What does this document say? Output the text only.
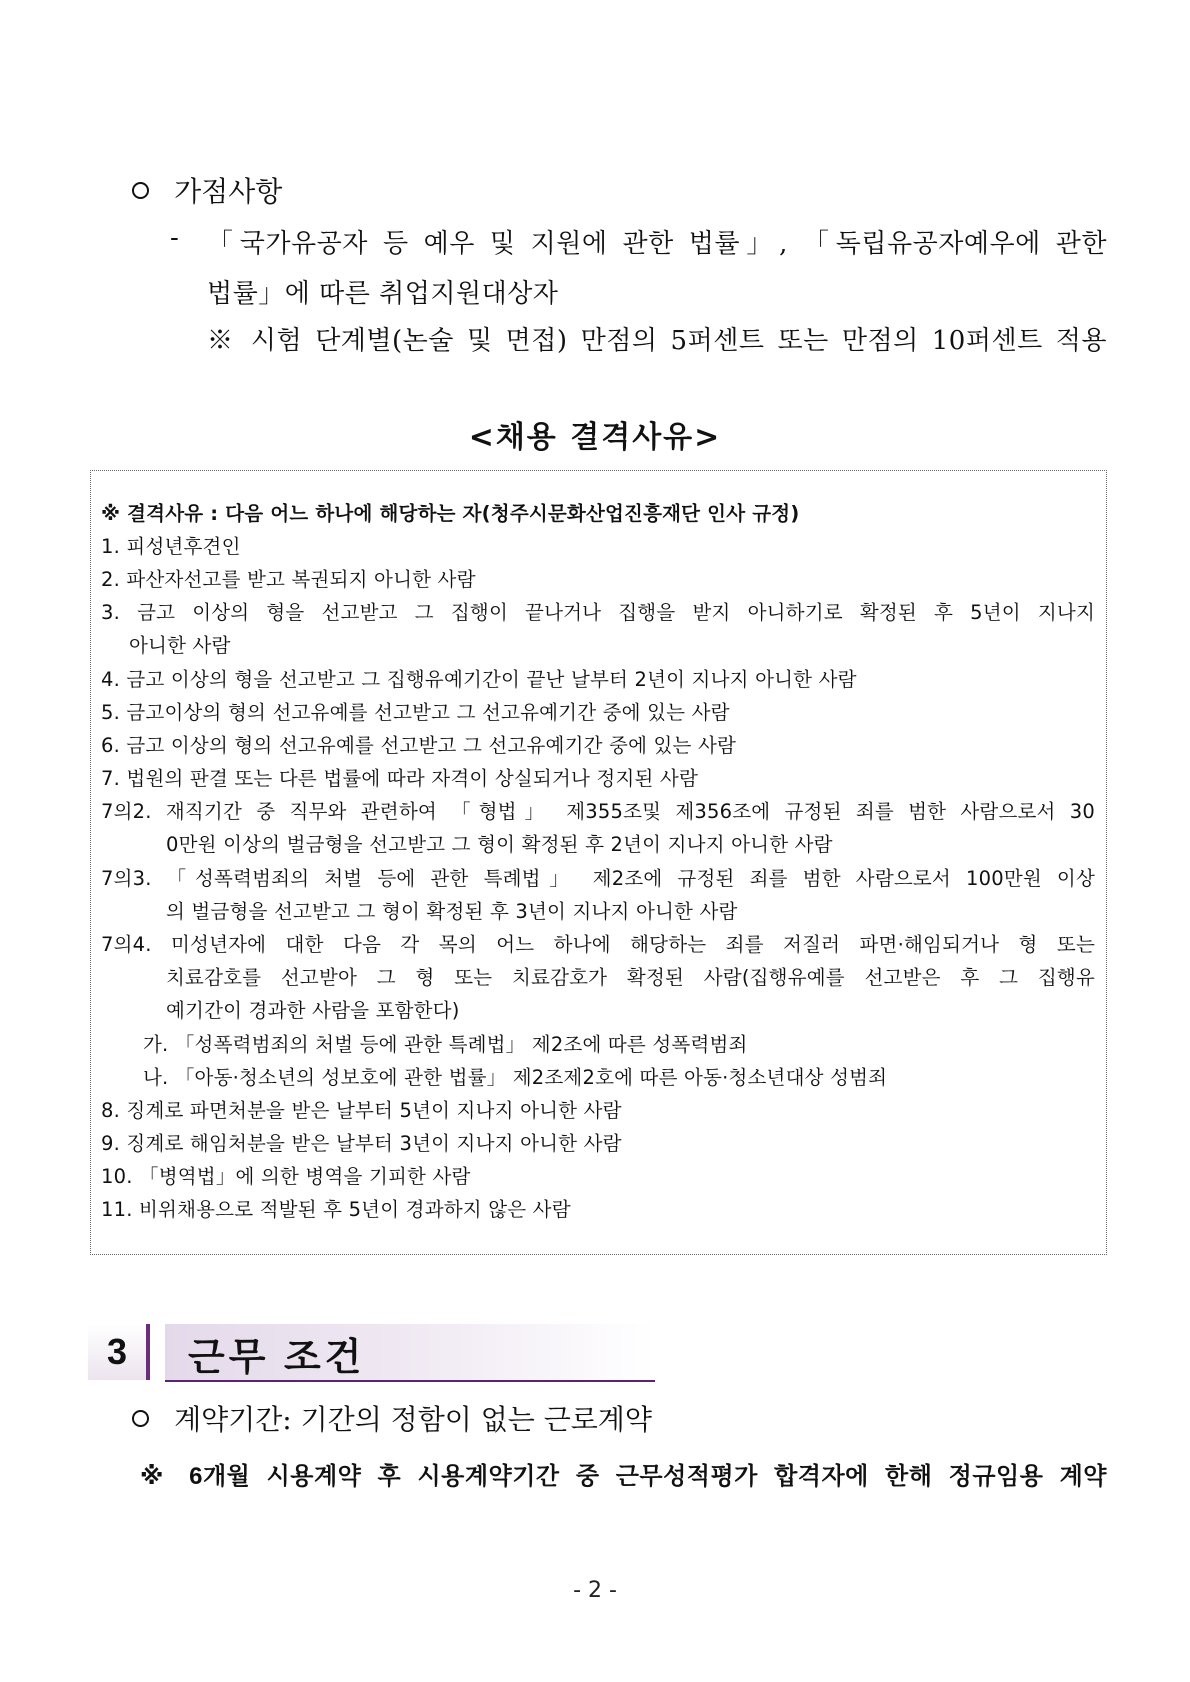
가점사항
- 「국가유공자 등 예우 및 지원에 관한 법률」, 「독립유공자예우에 관한
법률」에 따른 취업지원대상자
※ 시험 단계별(논술 및 면접) 만점의 5퍼센트 또는 만점의 10퍼센트 적용
<채용 결격사유>
※ 결격사유 : 다음 어느 하나에 해당하는 자(청주시문화산업진흥재단 인사 규정)
1. 피성년후견인
2. 파산자선고를 받고 복권되지 아니한 사람
3. 금고 이상의 형을 선고받고 그 집행이 끝나거나 집행을 받지 아니하기로 확정된 후 5년이 지나지
아니한 사람
4. 금고 이상의 형을 선고받고 그 집행유예기간이 끝난 날부터 2년이 지나지 아니한 사람
5. 금고이상의 형의 선고유예를 선고받고 그 선고유예기간 중에 있는 사람
6. 금고 이상의 형의 선고유예를 선고받고 그 선고유예기간 중에 있는 사람
7. 법원의 판결 또는 다른 법률에 따라 자격이 상실되거나 정지된 사람
7의2. 재직기간 중 직무와 관련하여 「형법」 제355조및 제356조에 규정된 죄를 범한 사람으로서 30
0만원 이상의 벌금형을 선고받고 그 형이 확정된 후 2년이 지나지 아니한 사람
7의3. 「성폭력범죄의 처벌 등에 관한 특례법」 제2조에 규정된 죄를 범한 사람으로서 100만원 이상
의 벌금형을 선고받고 그 형이 확정된 후 3년이 지나지 아니한 사람
7의4. 미성년자에 대한 다음 각 목의 어느 하나에 해당하는 죄를 저질러 파면·해임되거나 형 또는
치료감호를 선고받아 그 형 또는 치료감호가 확정된 사람(집행유예를 선고받은 후 그 집행유
예기간이 경과한 사람을 포함한다)
가. 「성폭력범죄의 처벌 등에 관한 특례법」 제2조에 따른 성폭력범죄
나. 「아동·청소년의 성보호에 관한 법률」 제2조제2호에 따른 아동·청소년대상 성범죄
8. 징계로 파면처분을 받은 날부터 5년이 지나지 아니한 사람
9. 징계로 해임처분을 받은 날부터 3년이 지나지 아니한 사람
10. 「병역법」에 의한 병역을 기피한 사람
11. 비위채용으로 적발된 후 5년이 경과하지 않은 사람
3	근무 조건
계약기간: 기간의 정함이 없는 근로계약
※ 6개월 시용계약 후 시용계약기간 중 근무성적평가 합격자에 한해 정규임용 계약
- 2 -
